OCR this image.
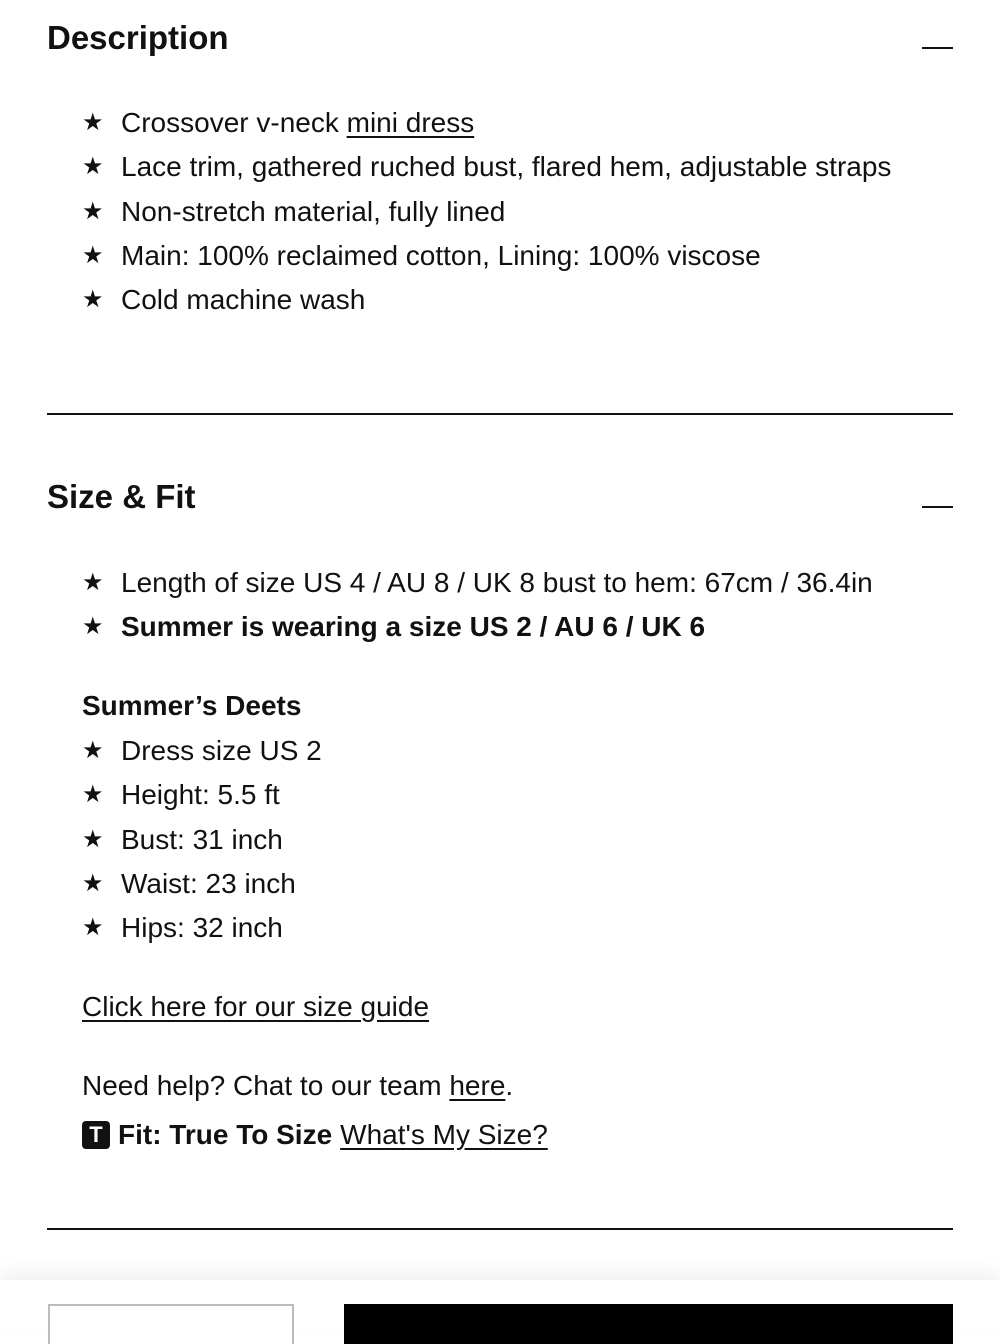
Description
★ Crossover v-neck mini dress
★ Lace trim, gathered ruched bust, flared hem, adjustable straps
★ Non-stretch material, fully lined
★ Main: 100% reclaimed cotton, Lining: 100% viscose
★ Cold machine wash
Size & Fit
★ Length of size US 4 / AU 8 / UK 8 bust to hem: 67cm / 36.4in
★ Summer is wearing a size US 2 / AU 6 / UK 6
Summer’s Deets
★ Dress size US 2
★ Height: 5.5 ft
★ Bust: 31 inch
★ Waist: 23 inch
★ Hips: 32 inch
Click here for our size guide
Need help? Chat to our team here.
T Fit: True To Size What's My Size?
